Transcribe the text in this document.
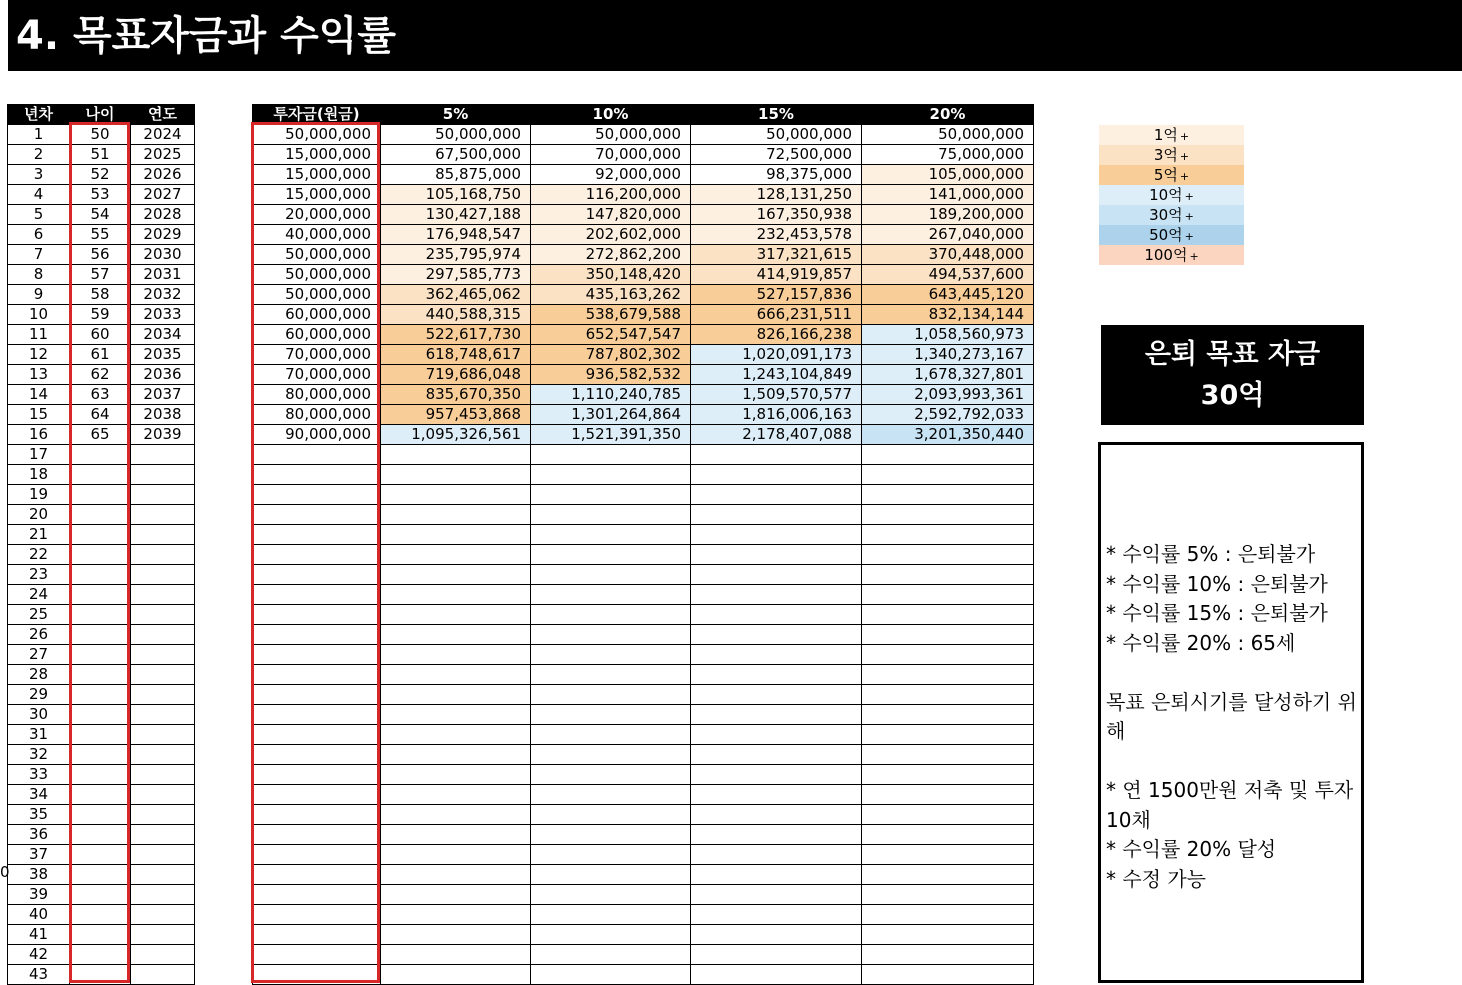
4. 목표자금과 수익률
0
년차	나이	연도
1	50	2024
2	51	2025
3	52	2026
4	53	2027
5	54	2028
6	55	2029
7	56	2030
8	57	2031
9	58	2032
10	59	2033
11	60	2034
12	61	2035
13	62	2036
14	63	2037
15	64	2038
16	65	2039
17		
18		
19		
20		
21		
22		
23		
24		
25		
26		
27		
28		
29		
30		
31		
32		
33		
34		
35		
36		
37		
38		
39		
40		
41		
42		
43		
투자금(원금)	5%	10%	15%	20%
50,000,000	50,000,000	50,000,000	50,000,000	50,000,000
15,000,000	67,500,000	70,000,000	72,500,000	75,000,000
15,000,000	85,875,000	92,000,000	98,375,000	105,000,000
15,000,000	105,168,750	116,200,000	128,131,250	141,000,000
20,000,000	130,427,188	147,820,000	167,350,938	189,200,000
40,000,000	176,948,547	202,602,000	232,453,578	267,040,000
50,000,000	235,795,974	272,862,200	317,321,615	370,448,000
50,000,000	297,585,773	350,148,420	414,919,857	494,537,600
50,000,000	362,465,062	435,163,262	527,157,836	643,445,120
60,000,000	440,588,315	538,679,588	666,231,511	832,134,144
60,000,000	522,617,730	652,547,547	826,166,238	1,058,560,973
70,000,000	618,748,617	787,802,302	1,020,091,173	1,340,273,167
70,000,000	719,686,048	936,582,532	1,243,104,849	1,678,327,801
80,000,000	835,670,350	1,110,240,785	1,509,570,577	2,093,993,361
80,000,000	957,453,868	1,301,264,864	1,816,006,163	2,592,792,033
90,000,000	1,095,326,561	1,521,391,350	2,178,407,088	3,201,350,440

1억 +
3억 +
5억 +
10억 +
30억 +
50억 +
100억 +
은퇴 목표 자금
30억
* 수익률 5% : 은퇴불가
* 수익률 10% : 은퇴불가
* 수익률 15% : 은퇴불가
* 수익률 20% : 65세

목표 은퇴시기를 달성하기 위해

* 연 1500만원 저축 및 투자 10채
* 수익률 20% 달성
* 수정 가능
